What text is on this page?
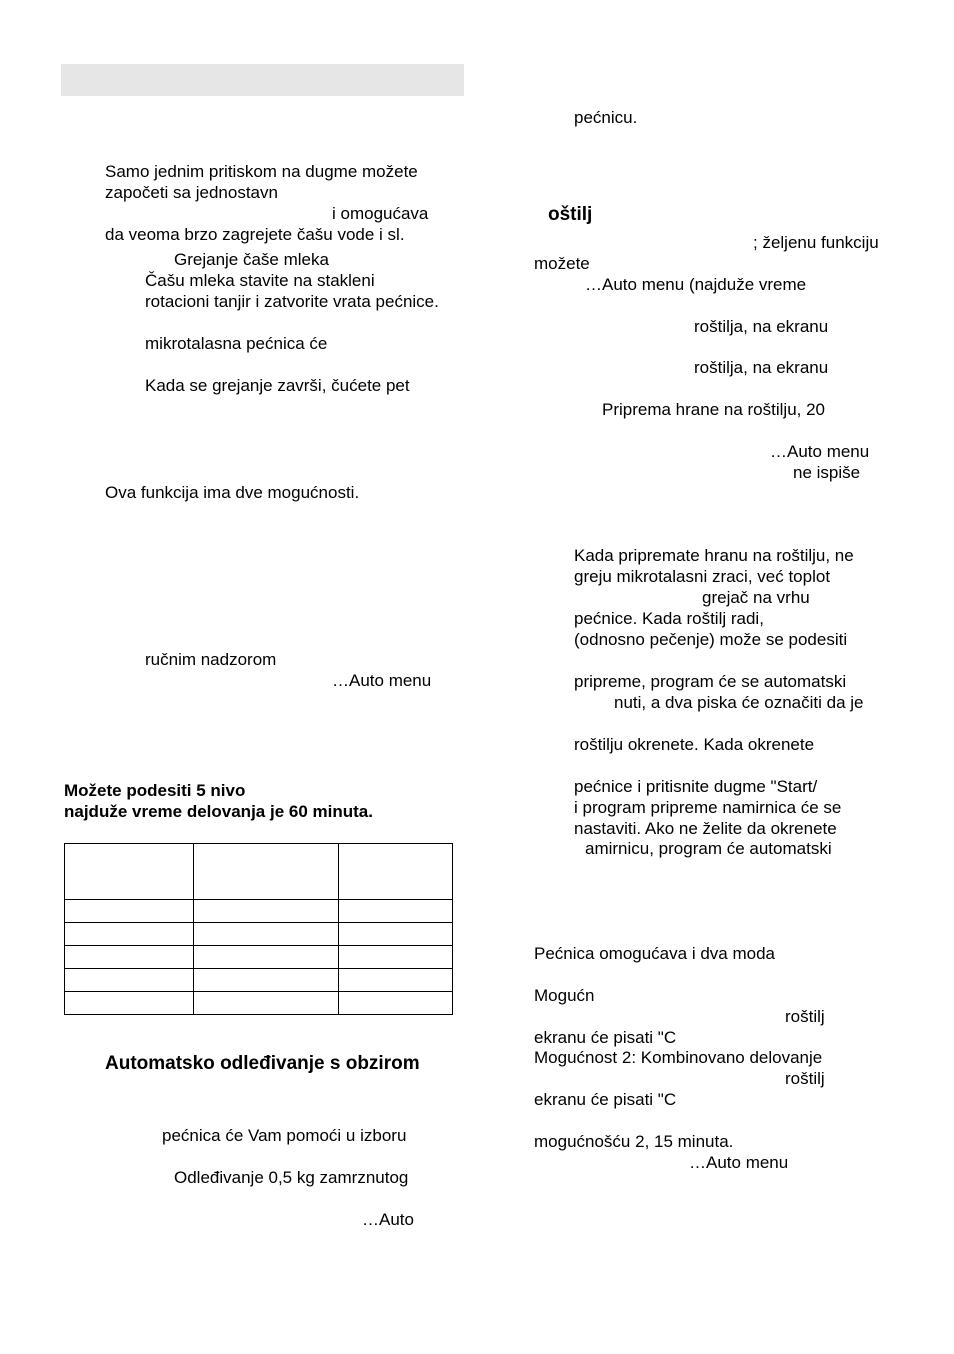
Samo jednim pritiskom na dugme možete
započeti sa jednostavn
i omogućava
da veoma brzo zagrejete čašu vode i sl.
Grejanje čaše mleka
Čašu mleka stavite na stakleni
rotacioni tanjir i zatvorite vrata pećnice.
mikrotalasna pećnica će
Kada se grejanje završi, čućete pet
Ova funkcija ima dve mogućnosti.
ručnim nadzorom
…Auto menu
Možete podesiti 5 nivo
najduže vreme delovanja je 60 minuta.

Automatsko odleđivanje s obzirom
pećnica će Vam pomoći u izboru
Odleđivanje 0,5 kg zamrznutog
…Auto
pećnicu.
oštilj
; željenu funkciju
možete
…Auto menu (najduže vreme
roštilja, na ekranu
roštilja, na ekranu
Priprema hrane na roštilju, 20
…Auto menu
ne ispiše
Kada pripremate hranu na roštilju, ne
greju mikrotalasni zraci, već toplot
grejač na vrhu
pećnice. Kada roštilj radi,
(odnosno pečenje) može se podesiti
pripreme, program će se automatski
nuti, a dva piska će označiti da je
roštilju okrenete. Kada okrenete
pećnice i pritisnite dugme "Start/
i program pripreme namirnica će se
nastaviti. Ako ne želite da okrenete
amirnicu, program će automatski
Pećnica omogućava i dva moda
Mogućn
roštilj
ekranu će pisati "C
Mogućnost 2: Kombinovano delovanje
roštilj
ekranu će pisati "C
mogućnošću 2, 15 minuta.
…Auto menu
